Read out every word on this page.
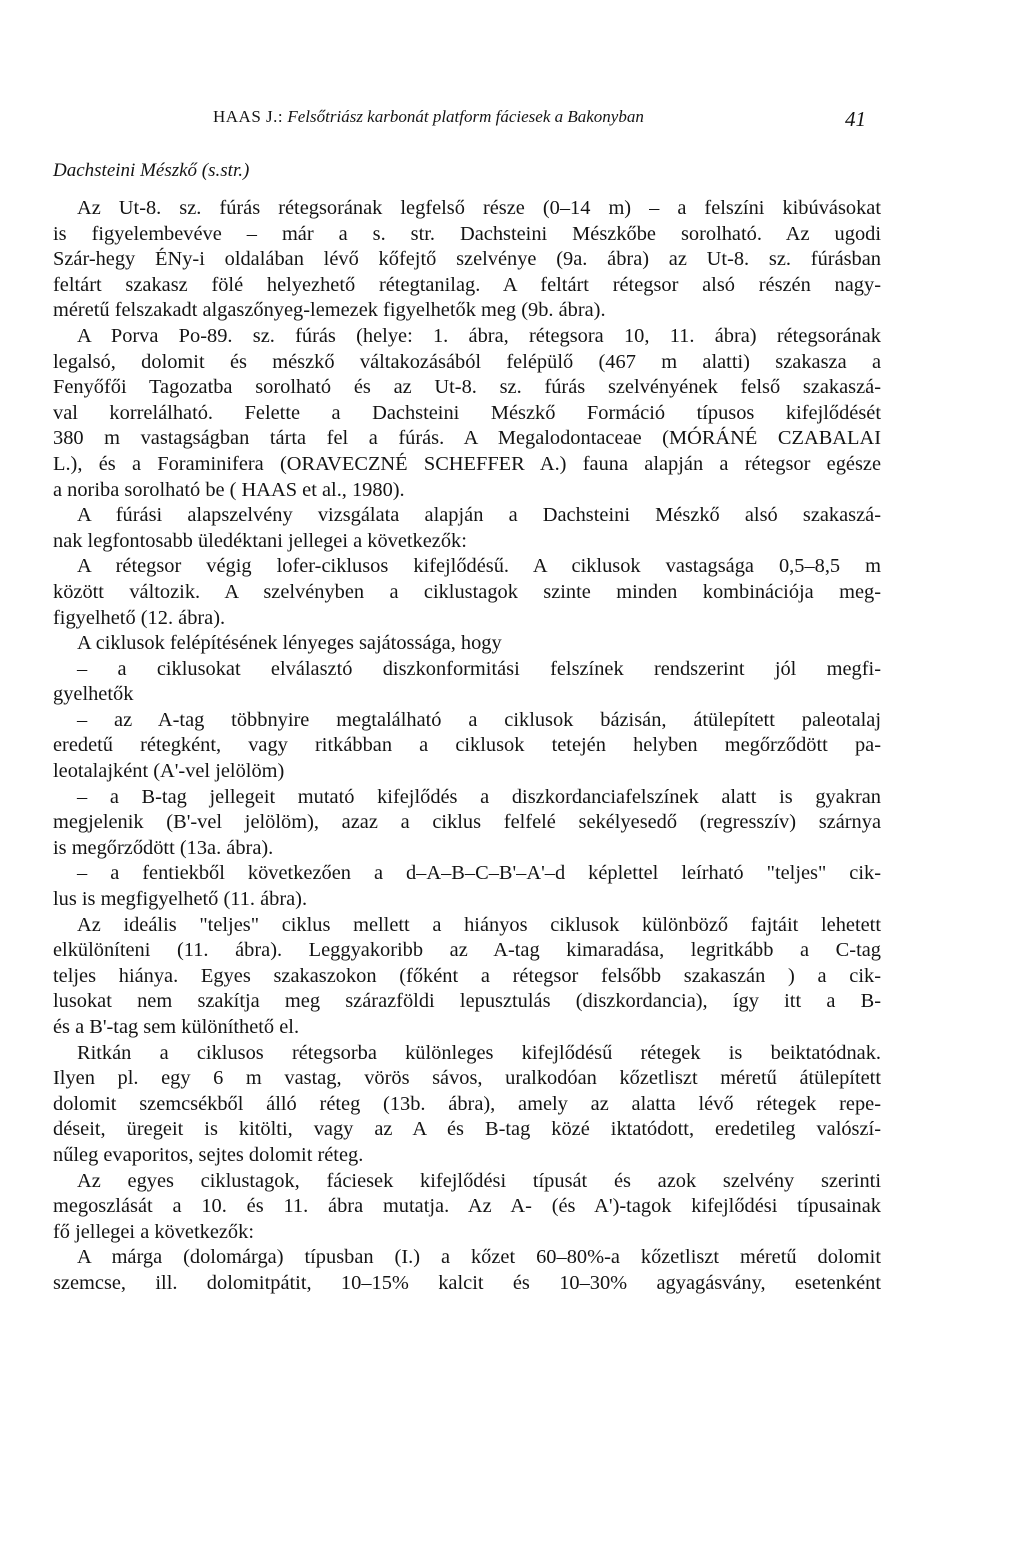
HAAS J.: Felsőtriász karbonát platform fáciesek a Bakonyban	41
Dachsteini Mészkő (s.str.)
Az Ut-8. sz. fúrás rétegsorának legfelső része (0–14 m) – a felszíni kibúvásokat
is figyelembevéve – már a s. str. Dachsteini Mészkőbe sorolható. Az ugodi
Szár-hegy ÉNy-i oldalában lévő kőfejtő szelvénye (9a. ábra) az Ut-8. sz. fúrásban
feltárt szakasz fölé helyezhető rétegtanilag. A feltárt rétegsor alsó részén nagy-
méretű felszakadt algaszőnyeg-lemezek figyelhetők meg (9b. ábra).
A Porva Po-89. sz. fúrás (helye: 1. ábra, rétegsora 10, 11. ábra) rétegsorának
legalsó, dolomit és mészkő váltakozásából felépülő (467 m alatti) szakasza a
Fenyőfői Tagozatba sorolható és az Ut-8. sz. fúrás szelvényének felső szakaszá-
val korrelálható. Felette a Dachsteini Mészkő Formáció típusos kifejlődését
380 m vastagságban tárta fel a fúrás. A Megalodontaceae (MÓRÁNÉ CZABALAI
L.), és a Foraminifera (ORAVECZNÉ SCHEFFER A.) fauna alapján a rétegsor egésze
a noriba sorolható be ( HAAS et al., 1980).
A fúrási alapszelvény vizsgálata alapján a Dachsteini Mészkő alsó szakaszá-
nak legfontosabb üledéktani jellegei a következők:
A rétegsor végig lofer-ciklusos kifejlődésű. A ciklusok vastagsága 0,5–8,5 m
között változik. A szelvényben a ciklustagok szinte minden kombinációja meg-
figyelhető (12. ábra).
A ciklusok felépítésének lényeges sajátossága, hogy
– a ciklusokat elválasztó diszkonformitási felszínek rendszerint jól megfi-
gyelhetők
– az A-tag többnyire megtalálható a ciklusok bázisán, átülepített paleotalaj
eredetű rétegként, vagy ritkábban a ciklusok tetején helyben megőrződött pa-
leotalajként (A'-vel jelölöm)
– a B-tag jellegeit mutató kifejlődés a diszkordanciafelszínek alatt is gyakran
megjelenik (B'-vel jelölöm), azaz a ciklus felfelé sekélyesedő (regresszív) szárnya
is megőrződött (13a. ábra).
– a fentiekből következően a d–A–B–C–B'–A'–d képlettel leírható "teljes" cik-
lus is megfigyelhető (11. ábra).
Az ideális "teljes" ciklus mellett a hiányos ciklusok különböző fajtáit lehetett
elkülöníteni (11. ábra). Leggyakoribb az A-tag kimaradása, legritkább a C-tag
teljes hiánya. Egyes szakaszokon (főként a rétegsor felsőbb szakaszán ) a cik-
lusokat nem szakítja meg szárazföldi lepusztulás (diszkordancia), így itt a B-
és a B'-tag sem különíthető el.
Ritkán a ciklusos rétegsorba különleges kifejlődésű rétegek is beiktatódnak.
Ilyen pl. egy 6 m vastag, vörös sávos, uralkodóan kőzetliszt méretű átülepített
dolomit szemcsékből álló réteg (13b. ábra), amely az alatta lévő rétegek repe-
déseit, üregeit is kitölti, vagy az A és B-tag közé iktatódott, eredetileg valószí-
nűleg evaporitos, sejtes dolomit réteg.
Az egyes ciklustagok, fáciesek kifejlődési típusát és azok szelvény szerinti
megoszlását a 10. és 11. ábra mutatja. Az A- (és A')-tagok kifejlődési típusainak
fő jellegei a következők:
A márga (dolomárga) típusban (I.) a kőzet 60–80%-a kőzetliszt méretű dolomit
szemcse, ill. dolomitpátit, 10–15% kalcit és 10–30% agyagásvány, esetenként
